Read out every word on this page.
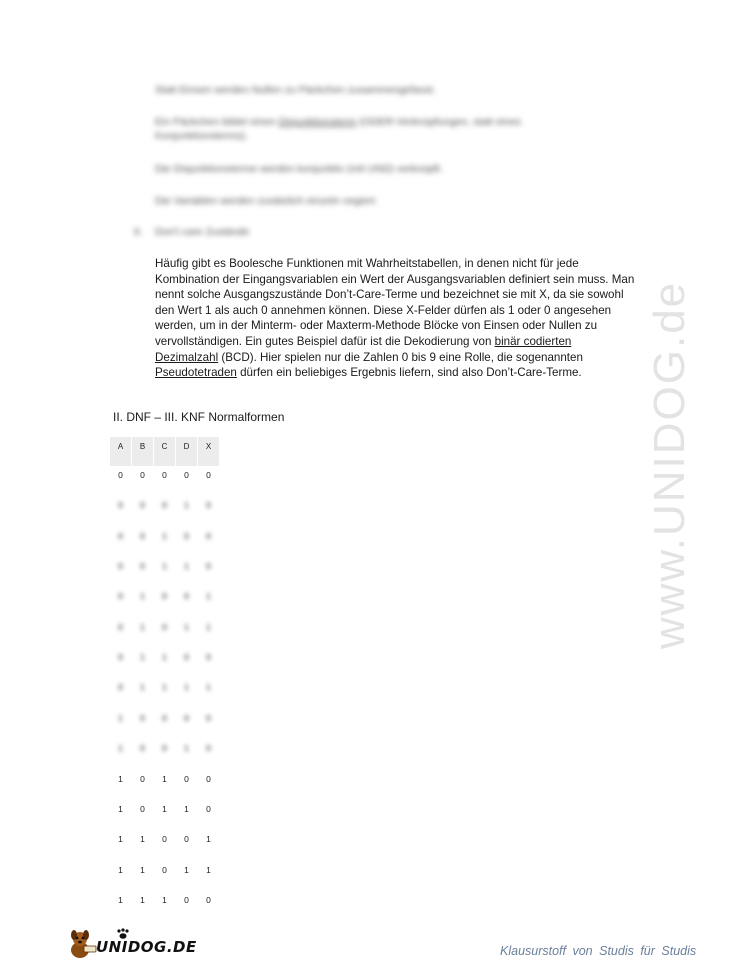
Statt Einsen werden Nullen zu Päckchen zusammengefasst.
Ein Päckchen bildet einen Disjunktionsterm (ODER-Verknüpfungen, statt eines
Konjunktionsterms).
Die Disjunktionsterme werden konjunktiv (mit UND) verknüpft.
Die Variablen werden zusätzlich einzeln negiert.
6. Don't care Zustände
Häufig gibt es Boolesche Funktionen mit Wahrheitstabellen, in denen nicht für jede
Kombination der Eingangsvariablen ein Wert der Ausgangsvariablen definiert sein muss. Man
nennt solche Ausgangszustände Don’t-Care-Terme und bezeichnet sie mit X, da sie sowohl
den Wert 1 als auch 0 annehmen können. Diese X-Felder dürfen als 1 oder 0 angesehen
werden, um in der Minterm- oder Maxterm-Methode Blöcke von Einsen oder Nullen zu
vervollständigen. Ein gutes Beispiel dafür ist die Dekodierung von binär codierten
Dezimalzahl (BCD). Hier spielen nur die Zahlen 0 bis 9 eine Rolle, die sogenannten
Pseudotetraden dürfen ein beliebiges Ergebnis liefern, sind also Don’t-Care-Terme.
II. DNF – III. KNF Normalformen
A	B	C	D	X
0	0	0	0	0
0	0	0	1	0
0	0	1	0	0
0	0	1	1	0
0	1	0	0	1
0	1	0	1	1
0	1	1	0	0
0	1	1	1	1
1	0	0	0	0
1	0	0	1	0
1	0	1	0	0
1	0	1	1	0
1	1	0	0	1
1	1	0	1	1
1	1	1	0	0
www.UNIDOG.de
UNIDOG.DE	Klausurstoff von Studis für Studis
